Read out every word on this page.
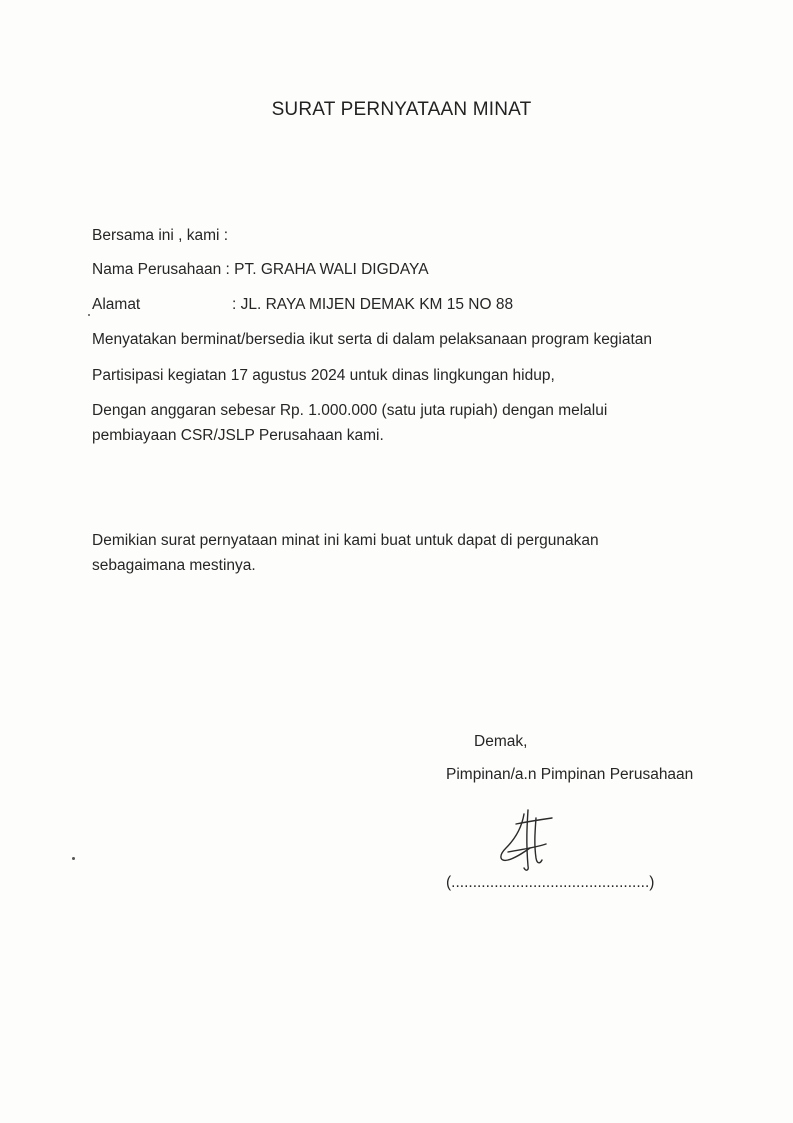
SURAT PERNYATAAN MINAT
Bersama ini , kami :
Nama Perusahaan : PT. GRAHA WALI DIGDAYA
Alamat	: JL. RAYA MIJEN DEMAK KM 15 NO 88
Menyatakan berminat/bersedia ikut serta di dalam pelaksanaan program kegiatan
Partisipasi kegiatan 17 agustus 2024 untuk dinas lingkungan hidup,
Dengan anggaran sebesar Rp. 1.000.000 (satu juta rupiah) dengan melalui
pembiayaan CSR/JSLP Perusahaan kami.
Demikian surat pernyataan minat ini kami buat untuk dapat di pergunakan
sebagaimana mestinya.
Demak,
Pimpinan/a.n Pimpinan Perusahaan
(..............................................)
